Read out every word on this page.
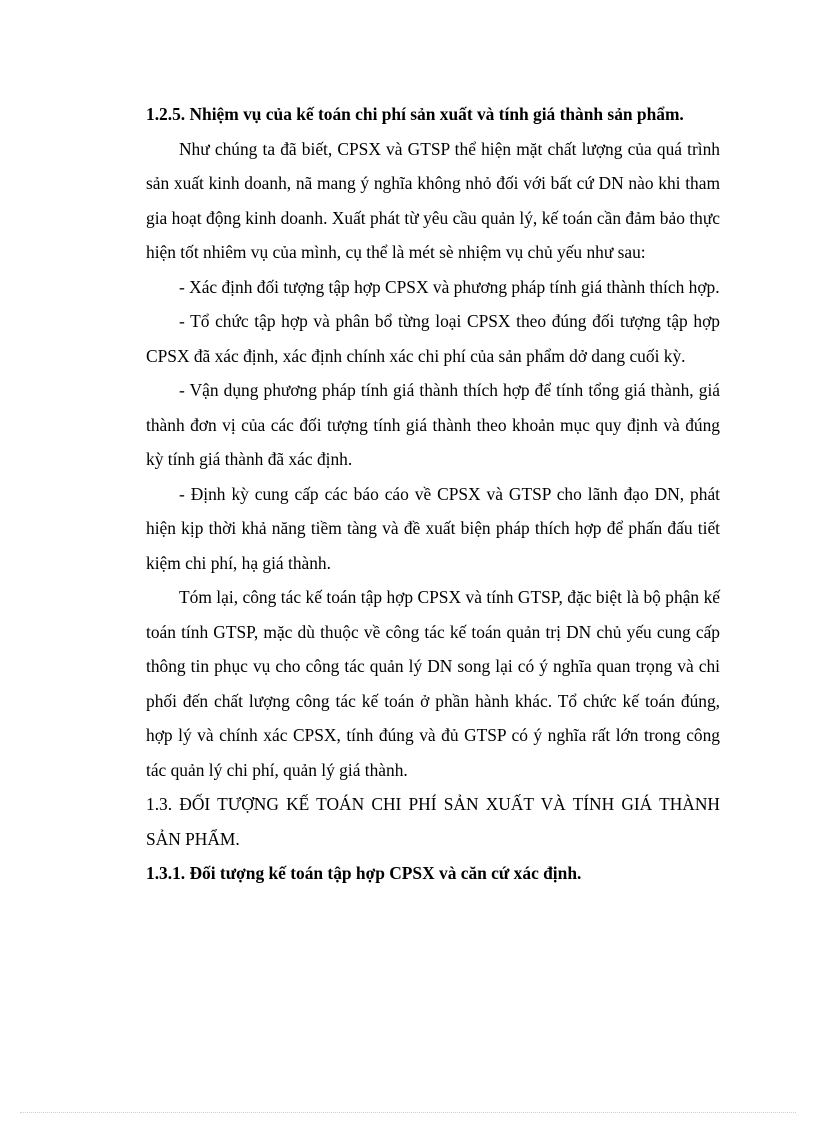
1.2.5. Nhiệm vụ của kế toán chi phí sản xuất và tính giá thành sản phẩm.

Như chúng ta đã biết, CPSX và GTSP thể hiện mặt chất lượng của quá trình sản xuất kinh doanh, nã mang ý nghĩa không nhỏ đối với bất cứ DN nào khi tham gia hoạt động kinh doanh. Xuất phát từ yêu cầu quản lý, kế toán cần đảm bảo thực hiện tốt nhiêm vụ của mình, cụ thể là mét sè nhiệm vụ chủ yếu như sau:

- Xác định đối tượng tập hợp CPSX và phương pháp tính giá thành thích hợp.

- Tổ chức tập hợp và phân bổ từng loại CPSX theo đúng đối tượng tập hợp CPSX đã xác định, xác định chính xác chi phí của sản phẩm dở dang cuối kỳ.

- Vận dụng phương pháp tính giá thành thích hợp để tính tổng giá thành, giá thành đơn vị của các đối tượng tính giá thành theo khoản mục quy định và đúng kỳ tính giá thành đã xác định.

- Định kỳ cung cấp các báo cáo về CPSX và GTSP cho lãnh đạo DN, phát hiện kịp thời khả năng tiềm tàng và đề xuất biện pháp thích hợp để phấn đấu tiết kiệm chi phí, hạ giá thành.

Tóm lại, công tác kế toán tập hợp CPSX và tính GTSP, đặc biệt là bộ phận kế toán tính GTSP, mặc dù thuộc về công tác kế toán quản trị DN chủ yếu cung cấp thông tin phục vụ cho công tác quản lý DN song lại có ý nghĩa quan trọng và chi phối đến chất lượng công tác kế toán ở phần hành khác. Tổ chức kế toán đúng, hợp lý và chính xác CPSX, tính đúng và đủ GTSP có ý nghĩa rất lớn trong công tác quản lý chi phí, quản lý giá thành.

1.3. ĐỐI TƯỢNG KẾ TOÁN CHI PHÍ SẢN XUẤT VÀ TÍNH GIÁ THÀNH SẢN PHẨM.

1.3.1. Đối tượng kế toán tập hợp CPSX và căn cứ xác định.
